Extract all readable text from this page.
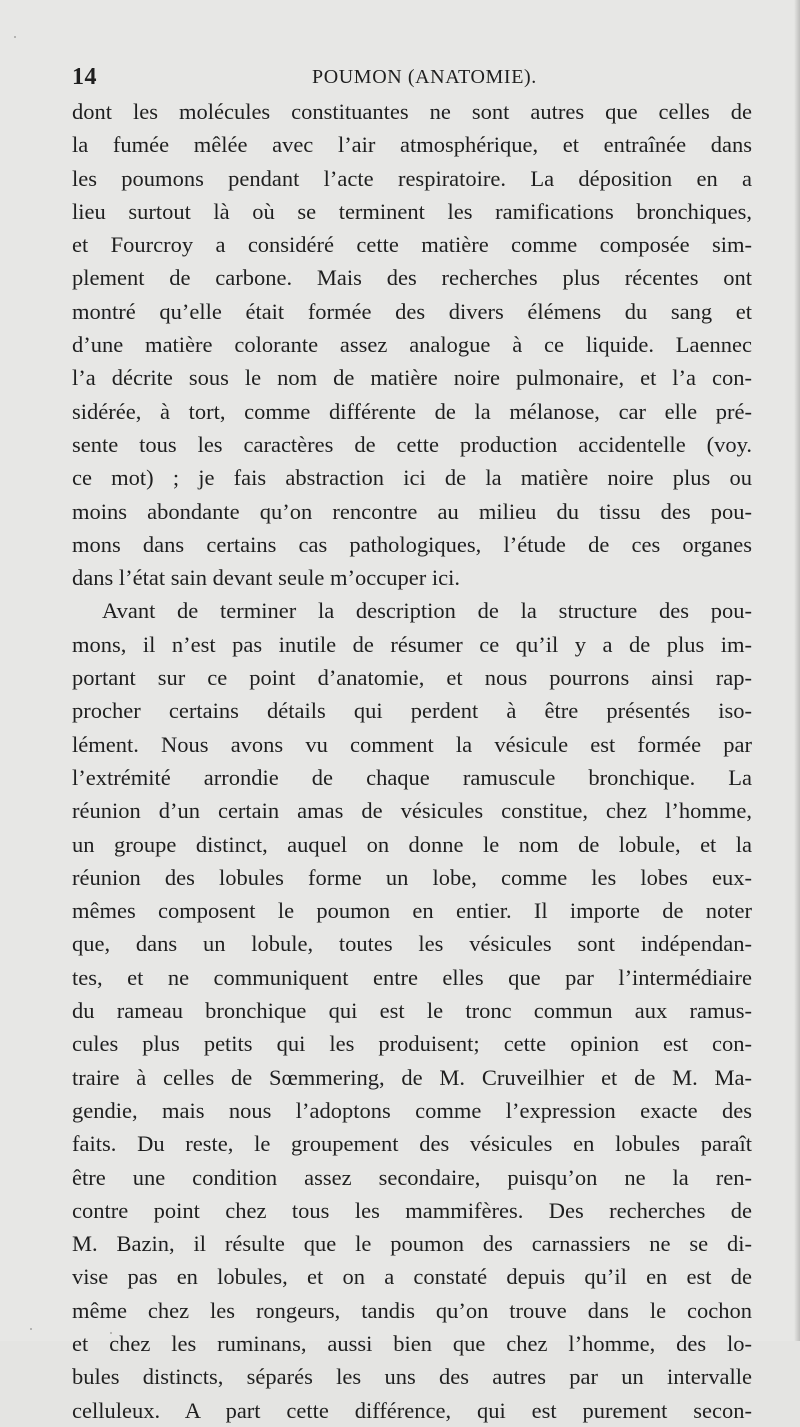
14	POUMON (ANATOMIE).
dont les molécules constituantes ne sont autres que celles de
la fumée mêlée avec l’air atmosphérique, et entraînée dans
les poumons pendant l’acte respiratoire. La déposition en a
lieu surtout là où se terminent les ramifications bronchiques,
et Fourcroy a considéré cette matière comme composée sim-
plement de carbone. Mais des recherches plus récentes ont
montré qu’elle était formée des divers élémens du sang et
d’une matière colorante assez analogue à ce liquide. Laennec
l’a décrite sous le nom de matière noire pulmonaire, et l’a con-
sidérée, à tort, comme différente de la mélanose, car elle pré-
sente tous les caractères de cette production accidentelle (voy.
ce mot) ; je fais abstraction ici de la matière noire plus ou
moins abondante qu’on rencontre au milieu du tissu des pou-
mons dans certains cas pathologiques, l’étude de ces organes
dans l’état sain devant seule m’occuper ici.
Avant de terminer la description de la structure des pou-
mons, il n’est pas inutile de résumer ce qu’il y a de plus im-
portant sur ce point d’anatomie, et nous pourrons ainsi rap-
procher certains détails qui perdent à être présentés iso-
lément. Nous avons vu comment la vésicule est formée par
l’extrémité arrondie de chaque ramuscule bronchique. La
réunion d’un certain amas de vésicules constitue, chez l’homme,
un groupe distinct, auquel on donne le nom de lobule, et la
réunion des lobules forme un lobe, comme les lobes eux-
mêmes composent le poumon en entier. Il importe de noter
que, dans un lobule, toutes les vésicules sont indépendan-
tes, et ne communiquent entre elles que par l’intermédiaire
du rameau bronchique qui est le tronc commun aux ramus-
cules plus petits qui les produisent; cette opinion est con-
traire à celles de Sœmmering, de M. Cruveilhier et de M. Ma-
gendie, mais nous l’adoptons comme l’expression exacte des
faits. Du reste, le groupement des vésicules en lobules paraît
être une condition assez secondaire, puisqu’on ne la ren-
contre point chez tous les mammifères. Des recherches de
M. Bazin, il résulte que le poumon des carnassiers ne se di-
vise pas en lobules, et on a constaté depuis qu’il en est de
même chez les rongeurs, tandis qu’on trouve dans le cochon
et chez les ruminans, aussi bien que chez l’homme, des lo-
bules distincts, séparés les uns des autres par un intervalle
celluleux. A part cette différence, qui est purement secon-
